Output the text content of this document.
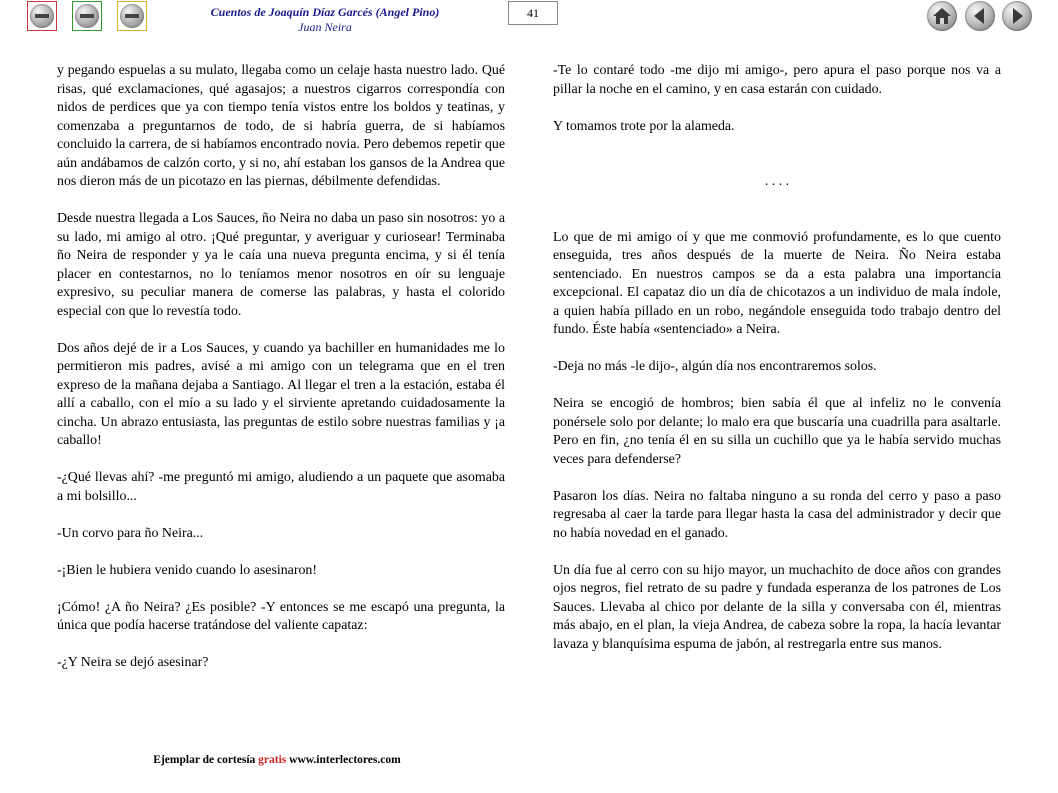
Cuentos de Joaquín Díaz Garcés (Angel Pino)
Juan Neira
41

y pegando espuelas a su mulato, llegaba como un celaje hasta nuestro lado. Qué risas, qué exclamaciones, qué agasajos; a nuestros cigarros correspondía con nidos de perdices que ya con tiempo tenía vistos entre los boldos y teatinas, y comenzaba a preguntarnos de todo, de si habría guerra, de si habíamos concluido la carrera, de si habíamos encontrado novia. Pero debemos repetir que aún andábamos de calzón corto, y si no, ahí estaban los gansos de la Andrea que nos dieron más de un picotazo en las piernas, débilmente defendidas.

Desde nuestra llegada a Los Sauces, ño Neira no daba un paso sin nosotros: yo a su lado, mi amigo al otro. ¡Qué preguntar, y averiguar y curiosear! Terminaba ño Neira de responder y ya le caía una nueva pregunta encima, y si él tenía placer en contestarnos, no lo teníamos menor nosotros en oír su lenguaje expresivo, su peculiar manera de comerse las palabras, y hasta el colorido especial con que lo revestía todo.

Dos años dejé de ir a Los Sauces, y cuando ya bachiller en humanidades me lo permitieron mis padres, avisé a mi amigo con un telegrama que en el tren expreso de la mañana dejaba a Santiago. Al llegar el tren a la estación, estaba él allí a caballo, con el mío a su lado y el sirviente apretando cuidadosamente la cincha. Un abrazo entusiasta, las preguntas de estilo sobre nuestras familias y ¡a caballo!

-¿Qué llevas ahí? -me preguntó mi amigo, aludiendo a un paquete que asomaba a mi bolsillo...

-Un corvo para ño Neira...

-¡Bien le hubiera venido cuando lo asesinaron!

¡Cómo! ¿A ño Neira? ¿Es posible? -Y entonces se me escapó una pregunta, la única que podía hacerse tratándose del valiente capataz:

-¿Y Neira se dejó asesinar?

-Te lo contaré todo -me dijo mi amigo-, pero apura el paso porque nos va a pillar la noche en el camino, y en casa estarán con cuidado.

Y tomamos trote por la alameda.

. . . .

Lo que de mi amigo oí y que me conmovió profundamente, es lo que cuento enseguida, tres años después de la muerte de Neira. Ño Neira estaba sentenciado. En nuestros campos se da a esta palabra una importancia excepcional. El capataz dio un día de chicotazos a un individuo de mala índole, a quien había pillado en un robo, negándole enseguida todo trabajo dentro del fundo. Éste había «sentenciado» a Neira.

-Deja no más -le dijo-, algún día nos encontraremos solos.

Neira se encogió de hombros; bien sabía él que al infeliz no le convenía ponérsele solo por delante; lo malo era que buscaría una cuadrilla para asaltarle. Pero en fin, ¿no tenía él en su silla un cuchillo que ya le había servido muchas veces para defenderse?

Pasaron los días. Neira no faltaba ninguno a su ronda del cerro y paso a paso regresaba al caer la tarde para llegar hasta la casa del administrador y decir que no había novedad en el ganado.

Un día fue al cerro con su hijo mayor, un muchachito de doce años con grandes ojos negros, fiel retrato de su padre y fundada esperanza de los patrones de Los Sauces. Llevaba al chico por delante de la silla y conversaba con él, mientras más abajo, en el plan, la vieja Andrea, de cabeza sobre la ropa, la hacía levantar lavaza y blanquísima espuma de jabón, al restregarla entre sus manos.

Ejemplar de cortesía gratis www.interlectores.com
